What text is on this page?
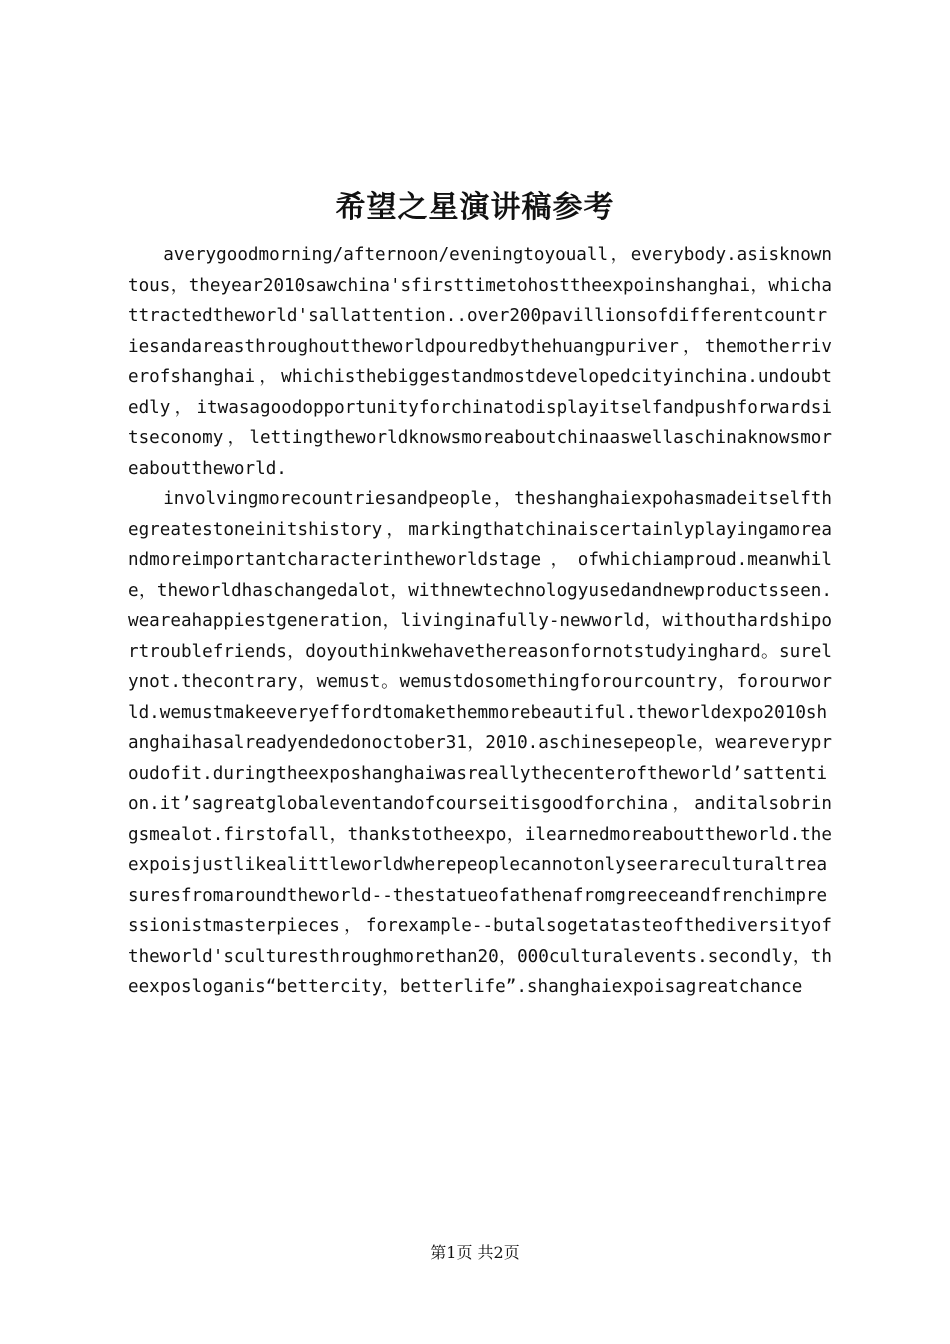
希望之星演讲稿参考

averygoodmorning/afternoon/eveningtoyouall，everybody.asisknowntous，theyear2010sawchina'sfirsttimetohosttheexpoinshanghai，whichattractedtheworld'sallattention..over200pavillionsofdifferentcountriesandareasthroughouttheworldpouredbythehuangpuriver，themotherriverofshanghai，whichisthebiggestandmostdevelopedcityinchina.undoubtedly，itwasagoodopportunityforchinatodisplayitselfandpushforwardsitseconomy，lettingtheworldknowsmoreaboutchinaaswellaschinaknowsmoreabouttheworld.

involvingmorecountriesandpeople，theshanghaiexpohasmadeitselfthegreatestoneinitshistory，markingthatchinaiscertainlyplayingamoreandmoreimportantcharacterintheworldstage，ofwhichiamproud.meanwhile，theworldhaschangedalot，withnewtechnologyusedandnewproductsseen.weareahappiestgeneration，livinginafully-newworld，withouthardshiportroublefriends，doyouthinkwehavethereasonfornotstudyinghard。surelynot.thecontrary，wemust。wemustdosomethingforourcountry，forourworld.wemustmakeeveryeffordtomakethemmorebeautiful.theworldexpo2010shanghaihasalreadyendedonoctober31，2010.aschinesepeople，weareveryproudofit.duringtheexposhanghaiwasreallythecenteroftheworld’sattention.it’sagreatglobaleventandofcourseitisgoodforchina，anditalsobringsmealot.firstofall，thankstotheexpo，ilearnedmoreabouttheworld.theexpoisjustlikealittleworldwherepeoplecannotonlyseerareculturaltreasuresfromaroundtheworld--thestatueofathenafromgreeceandfrenchimpressionistmasterpieces，forexample--butalsogetatasteofthediversityoftheworld'sculturesthroughmorethan20，000culturalevents.secondly，theexposloganis“bettercity，betterlife”.shanghaiexpoisagreatchance

第1页 共2页
